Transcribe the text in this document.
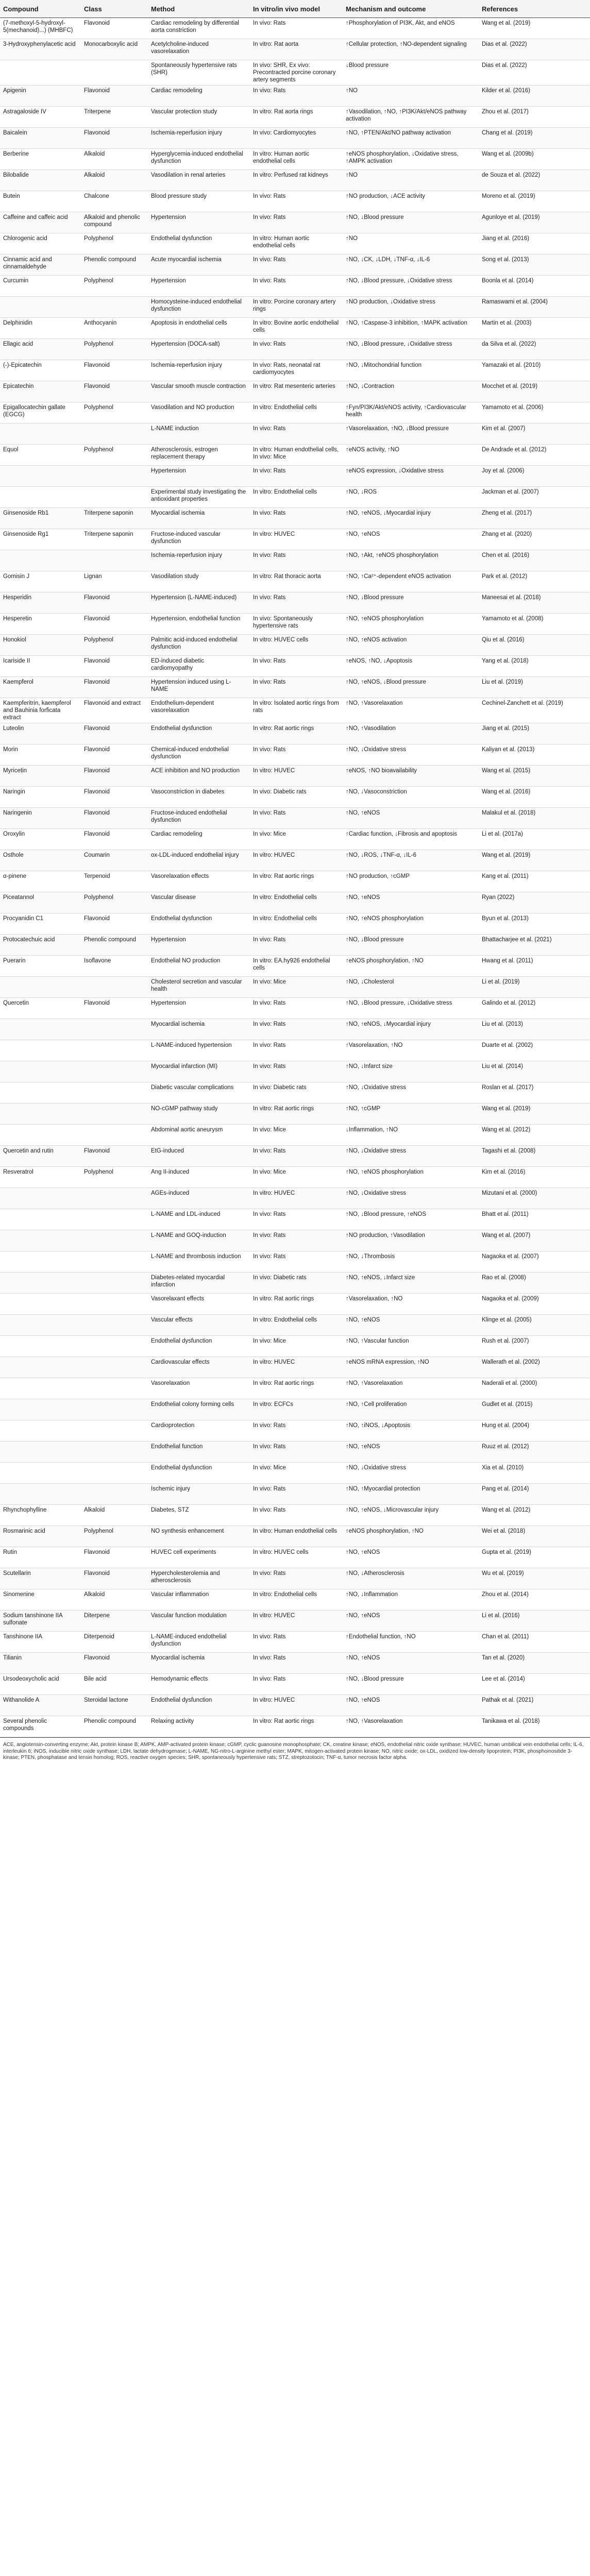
Compound	Class	Method	In vitro/in vivo model	Mechanism and outcome	References
(7-methoxyl-5-hydroxyl- 5(mechanoid)...) (MHBFC)	Flavonoid	Cardiac remodeling by differential aorta constriction	In vivo: Rats	↑Phosphorylation of PI3K, Akt, and eNOS	Wang et al. (2019)
3-Hydroxyphenylacetic acid	Monocarboxylic acid	Acetylcholine-induced vasorelaxation	In vitro: Rat aorta	↑Cellular protection, ↑NO-dependent signaling	Dias et al. (2022)
		Spontaneously hypertensive rats (SHR)	In vivo: SHR, Ex vivo: Precontracted porcine coronary artery segments	↓Blood pressure	Dias et al. (2022)
Apigenin	Flavonoid	Cardiac remodeling	In vivo: Rats	↑NO	Kilder et al. (2016)
Astragaloside IV	Triterpene	Vascular protection study	In vitro: Rat aorta rings	↑Vasodilation, ↑NO, ↑PI3K/Akt/eNOS pathway activation	Zhou et al. (2017)
Baicalein	Flavonoid	Ischemia-reperfusion injury	In vivo: Cardiomyocytes	↑NO, ↑PTEN/Akt/NO pathway activation	Chang et al. (2019)
Berberine	Alkaloid	Hyperglycemia-induced endothelial dysfunction	In vitro: Human aortic endothelial cells	↑eNOS phosphorylation, ↓Oxidative stress, ↑AMPK activation	Wang et al. (2009b)
Bilobalide	Alkaloid	Vasodilation in renal arteries	In vitro: Perfused rat kidneys	↑NO	de Souza et al. (2022)
Butein	Chalcone	Blood pressure study	In vivo: Rats	↑NO production, ↓ACE activity	Moreno et al. (2019)
Caffeine and caffeic acid	Alkaloid and phenolic compound	Hypertension	In vivo: Rats	↑NO, ↓Blood pressure	Agunloye et al. (2019)
Chlorogenic acid	Polyphenol	Endothelial dysfunction	In vitro: Human aortic endothelial cells	↑NO	Jiang et al. (2016)
Cinnamic acid and cinnamaldehyde	Phenolic compound	Acute myocardial ischemia	In vivo: Rats	↑NO, ↓CK, ↓LDH, ↓TNF-α, ↓IL-6	Song et al. (2013)
Curcumin	Polyphenol	Hypertension	In vivo: Rats	↑NO, ↓Blood pressure, ↓Oxidative stress	Boonla et al. (2014)
		Homocysteine-induced endothelial dysfunction	In vitro: Porcine coronary artery rings	↑NO production, ↓Oxidative stress	Ramaswami et al. (2004)
Delphinidin	Anthocyanin	Apoptosis in endothelial cells	In vitro: Bovine aortic endothelial cells	↑NO, ↑Caspase-3 inhibition, ↑MAPK activation	Martin et al. (2003)
Ellagic acid	Polyphenol	Hypertension (DOCA-salt)	In vivo: Rats	↑NO, ↓Blood pressure, ↓Oxidative stress	da Silva et al. (2022)
(-)-Epicatechin	Flavonoid	Ischemia-reperfusion injury	In vivo: Rats, neonatal rat cardiomyocytes	↑NO, ↓Mitochondrial function	Yamazaki et al. (2010)
Epicatechin	Flavonoid	Vascular smooth muscle contraction	In vitro: Rat mesenteric arteries	↑NO, ↓Contraction	Mocchet et al. (2019)
Epigallocatechin gallate (EGCG)	Polyphenol	Vasodilation and NO production	In vitro: Endothelial cells	↑Fyn/PI3K/Akt/eNOS activity, ↑Cardiovascular health	Yamamoto et al. (2006)
		L-NAME induction	In vivo: Rats	↑Vasorelaxation, ↑NO, ↓Blood pressure	Kim et al. (2007)
Equol	Polyphenol	Atherosclerosis, estrogen replacement therapy	In vitro: Human endothelial cells, In vivo: Mice	↑eNOS activity, ↑NO	De Andrade et al. (2012)
		Hypertension	In vivo: Rats	↑eNOS expression, ↓Oxidative stress	Joy et al. (2006)
		Experimental study investigating the antioxidant properties	In vitro: Endothelial cells	↑NO, ↓ROS	Jackman et al. (2007)
Ginsenoside Rb1	Triterpene saponin	Myocardial ischemia	In vivo: Rats	↑NO, ↑eNOS, ↓Myocardial injury	Zheng et al. (2017)
Ginsenoside Rg1	Triterpene saponin	Fructose-induced vascular dysfunction	In vitro: HUVEC	↑NO, ↑eNOS	Zhang et al. (2020)
		Ischemia-reperfusion injury	In vivo: Rats	↑NO, ↑Akt, ↑eNOS phosphorylation	Chen et al. (2016)
Gomisin J	Lignan	Vasodilation study	In vitro: Rat thoracic aorta	↑NO, ↑Ca²⁺-dependent eNOS activation	Park et al. (2012)
Hesperidin	Flavonoid	Hypertension (L-NAME-induced)	In vivo: Rats	↑NO, ↓Blood pressure	Maneesai et al. (2018)
Hesperetin	Flavonoid	Hypertension, endothelial function	In vivo: Spontaneously hypertensive rats	↑NO, ↑eNOS phosphorylation	Yamamoto et al. (2008)
Honokiol	Polyphenol	Palmitic acid-induced endothelial dysfunction	In vitro: HUVEC cells	↑NO, ↑eNOS activation	Qiu et al. (2016)
Icariside II	Flavonoid	ED-induced diabetic cardiomyopathy	In vivo: Rats	↑eNOS, ↑NO, ↓Apoptosis	Yang et al. (2018)
Kaempferol	Flavonoid	Hypertension induced using L-NAME	In vivo: Rats	↑NO, ↑eNOS, ↓Blood pressure	Liu et al. (2019)
Kaempferitrin, kaempferol and Bauhinia forficata extract	Flavonoid and extract	Endothelium-dependent vasorelaxation	In vitro: Isolated aortic rings from rats	↑NO, ↑Vasorelaxation	Cechinel-Zanchett et al. (2019)
Luteolin	Flavonoid	Endothelial dysfunction	In vitro: Rat aortic rings	↑NO, ↑Vasodilation	Jiang et al. (2015)
Morin	Flavonoid	Chemical-induced endothelial dysfunction	In vivo: Rats	↑NO, ↓Oxidative stress	Kaliyan et al. (2013)
Myricetin	Flavonoid	ACE inhibition and NO production	In vitro: HUVEC	↑eNOS, ↑NO bioavailability	Wang et al. (2015)
Naringin	Flavonoid	Vasoconstriction in diabetes	In vivo: Diabetic rats	↑NO, ↓Vasoconstriction	Wang et al. (2016)
Naringenin	Flavonoid	Fructose-induced endothelial dysfunction	In vivo: Rats	↑NO, ↑eNOS	Malakul et al. (2018)
Oroxylin	Flavonoid	Cardiac remodeling	In vivo: Mice	↑Cardiac function, ↓Fibrosis and apoptosis	Li et al. (2017a)
Osthole	Coumarin	ox-LDL-induced endothelial injury	In vitro: HUVEC	↑NO, ↓ROS, ↓TNF-α, ↓IL-6	Wang et al. (2019)
α-pinene	Terpenoid	Vasorelaxation effects	In vitro: Rat aortic rings	↑NO production, ↑cGMP	Kang et al. (2011)
Piceatannol	Polyphenol	Vascular disease	In vitro: Endothelial cells	↑NO, ↑eNOS	Ryan (2022)
Procyanidin C1	Flavonoid	Endothelial dysfunction	In vitro: Endothelial cells	↑NO, ↑eNOS phosphorylation	Byun et al. (2013)
Protocatechuic acid	Phenolic compound	Hypertension	In vivo: Rats	↑NO, ↓Blood pressure	Bhattacharjee et al. (2021)
Puerarin	Isoflavone	Endothelial NO production	In vitro: EA.hy926 endothelial cells	↑eNOS phosphorylation, ↑NO	Hwang et al. (2011)
		Cholesterol secretion and vascular health	In vivo: Mice	↑NO, ↓Cholesterol	Li et al. (2019)
Quercetin	Flavonoid	Hypertension	In vivo: Rats	↑NO, ↓Blood pressure, ↓Oxidative stress	Galindo et al. (2012)
		Myocardial ischemia	In vivo: Rats	↑NO, ↑eNOS, ↓Myocardial injury	Liu et al. (2013)
		L-NAME-induced hypertension	In vivo: Rats	↑Vasorelaxation, ↑NO	Duarte et al. (2002)
		Myocardial infarction (MI)	In vivo: Rats	↑NO, ↓Infarct size	Liu et al. (2014)
		Diabetic vascular complications	In vivo: Diabetic rats	↑NO, ↓Oxidative stress	Roslan et al. (2017)
		NO-cGMP pathway study	In vitro: Rat aortic rings	↑NO, ↑cGMP	Wang et al. (2019)
		Abdominal aortic aneurysm	In vivo: Mice	↓Inflammation, ↑NO	Wang et al. (2012)
Quercetin and rutin	Flavonoid	EtG-induced	In vivo: Rats	↑NO, ↓Oxidative stress	Tagashi et al. (2008)
Resveratrol	Polyphenol	Ang II-induced	In vivo: Mice	↑NO, ↑eNOS phosphorylation	Kim et al. (2016)
		AGEs-induced	In vitro: HUVEC	↑NO, ↓Oxidative stress	Mizutani et al. (2000)
		L-NAME and LDL-induced	In vivo: Rats	↑NO, ↓Blood pressure, ↑eNOS	Bhatt et al. (2011)
		L-NAME and GOQ-induction	In vivo: Rats	↑NO production, ↑Vasodilation	Wang et al. (2007)
		L-NAME and thrombosis induction	In vivo: Rats	↑NO, ↓Thrombosis	Nagaoka et al. (2007)
		Diabetes-related myocardial infarction	In vivo: Diabetic rats	↑NO, ↑eNOS, ↓Infarct size	Rao et al. (2008)
		Vasorelaxant effects	In vitro: Rat aortic rings	↑Vasorelaxation, ↑NO	Nagaoka et al. (2009)
		Vascular effects	In vitro: Endothelial cells	↑NO, ↑eNOS	Klinge et al. (2005)
		Endothelial dysfunction	In vivo: Mice	↑NO, ↑Vascular function	Rush et al. (2007)
		Cardiovascular effects	In vitro: HUVEC	↑eNOS mRNA expression, ↑NO	Wallerath et al. (2002)
		Vasorelaxation	In vitro: Rat aortic rings	↑NO, ↑Vasorelaxation	Naderali et al. (2000)
		Endothelial colony forming cells	In vitro: ECFCs	↑NO, ↑Cell proliferation	Gudlet et al. (2015)
		Cardioprotection	In vivo: Rats	↑NO, ↑iNOS, ↓Apoptosis	Hung et al. (2004)
		Endothelial function	In vivo: Rats	↑NO, ↑eNOS	Ruuz et al. (2012)
		Endothelial dysfunction	In vivo: Mice	↑NO, ↓Oxidative stress	Xia et al. (2010)
		Ischemic injury	In vivo: Rats	↑NO, ↑Myocardial protection	Pang et al. (2014)
Rhynchophylline	Alkaloid	Diabetes, STZ	In vivo: Rats	↑NO, ↑eNOS, ↓Microvascular injury	Wang et al. (2012)
Rosmarinic acid	Polyphenol	NO synthesis enhancement	In vitro: Human endothelial cells	↑eNOS phosphorylation, ↑NO	Wei et al. (2018)
Rutin	Flavonoid	HUVEC cell experiments	In vitro: HUVEC cells	↑NO, ↑eNOS	Gupta et al. (2019)
Scutellarin	Flavonoid	Hypercholesterolemia and atherosclerosis	In vivo: Rats	↑NO, ↓Atherosclerosis	Wu et al. (2019)
Sinomenine	Alkaloid	Vascular inflammation	In vitro: Endothelial cells	↑NO, ↓Inflammation	Zhou et al. (2014)
Sodium tanshinone IIA sulfonate	Diterpene	Vascular function modulation	In vitro: HUVEC	↑NO, ↑eNOS	Li et al. (2016)
Tanshinone IIA	Diterpenoid	L-NAME-induced endothelial dysfunction	In vivo: Rats	↑Endothelial function, ↑NO	Chan et al. (2011)
Tilianin	Flavonoid	Myocardial ischemia	In vivo: Rats	↑NO, ↑eNOS	Tan et al. (2020)
Ursodeoxycholic acid	Bile acid	Hemodynamic effects	In vivo: Rats	↑NO, ↓Blood pressure	Lee et al. (2014)
Withanolide A	Steroidal lactone	Endothelial dysfunction	In vitro: HUVEC	↑NO, ↑eNOS	Pathak et al. (2021)
Several phenolic compounds	Phenolic compound	Relaxing activity	In vitro: Rat aortic rings	↑NO, ↑Vasorelaxation	Tanikawa et al. (2018)
ACE, angiotensin-converting enzyme; Akt, protein kinase B; AMPK, AMP-activated protein kinase; cGMP, cyclic guanosine monophosphate; CK, creatine kinase; eNOS, endothelial nitric oxide synthase; HUVEC, human umbilical vein endothelial cells; IL-6, interleukin 6; iNOS, inducible nitric oxide synthase; LDH, lactate dehydrogenase; L-NAME, NG-nitro-L-arginine methyl ester; MAPK, mitogen-activated protein kinase; NO, nitric oxide; ox-LDL, oxidized low-density lipoprotein; PI3K, phosphoinositide 3-kinase; PTEN, phosphatase and tensin homolog; ROS, reactive oxygen species; SHR, spontaneously hypertensive rats; STZ, streptozotocin; TNF-α, tumor necrosis factor alpha.
